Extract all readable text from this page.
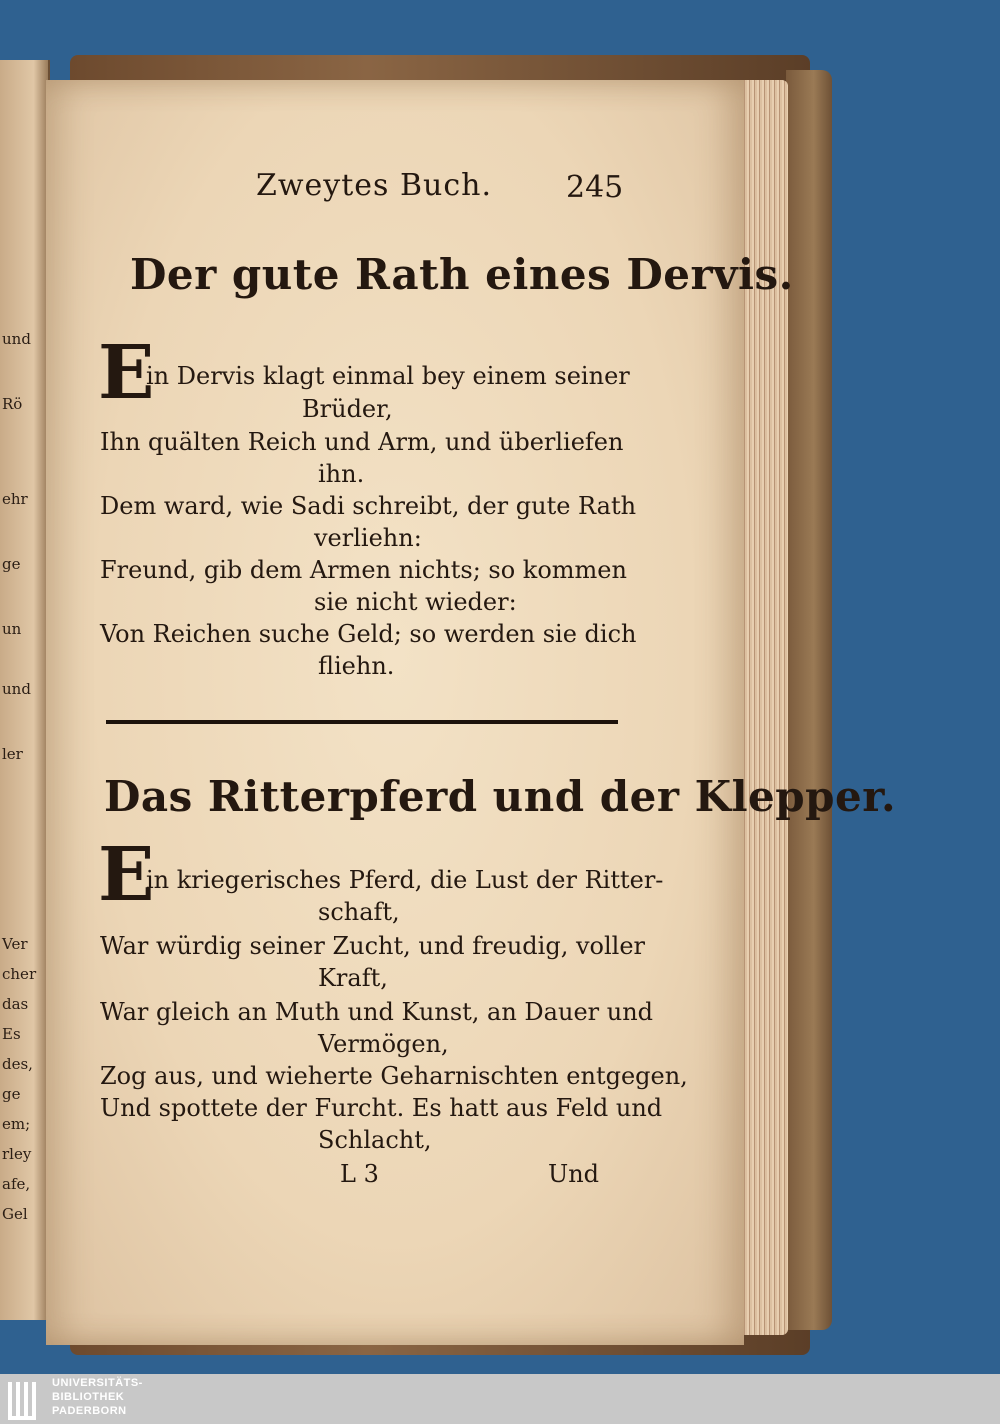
und
Rö
ehr
ge
un
und
ler
Ver
cher
das
Es
des,
ge
em;
rley
afe,
Gel
Zweytes Buch. 245
Der gute Rath eines Dervis.
E
in Dervis klagt einmal bey einem seiner
Brüder,
Ihn quälten Reich und Arm, und überliefen
ihn.
Dem ward, wie Sadi schreibt, der gute Rath
verliehn:
Freund, gib dem Armen nichts; so kommen
sie nicht wieder:
Von Reichen suche Geld; so werden sie dich
fliehn.
Das Ritterpferd und der Klepper.
E
in kriegerisches Pferd, die Lust der Ritter-
schaft,
War würdig seiner Zucht, und freudig, voller
Kraft,
War gleich an Muth und Kunst, an Dauer und
Vermögen,
Zog aus, und wieherte Geharnischten entgegen,
Und spottete der Furcht. Es hatt aus Feld und
Schlacht,
L 3	Und
UNIVERSITÄTS-
BIBLIOTHEK
PADERBORN
